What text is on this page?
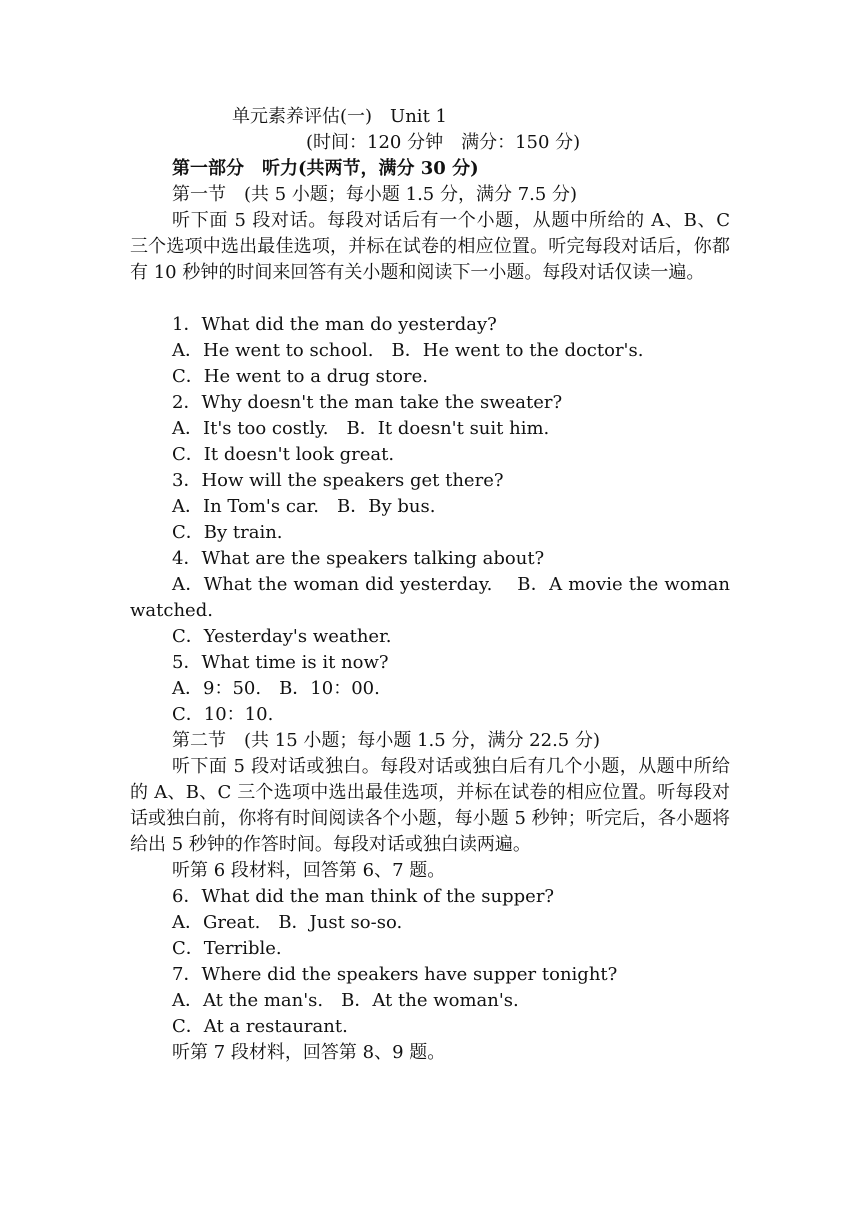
单元素养评估(一)　Unit 1
(时间：120 分钟　满分：150 分)
第一部分　听力(共两节，满分 30 分)
第一节　(共 5 小题；每小题 1.5 分，满分 7.5 分)
听下面 5 段对话。每段对话后有一个小题，从题中所给的 A、B、C 三个选项中选出最佳选项，并标在试卷的相应位置。听完每段对话后，你都有 10 秒钟的时间来回答有关小题和阅读下一小题。每段对话仅读一遍。
1．What did the man do yesterday?
A．He went to school. B．He went to the doctor's.
C．He went to a drug store.
2．Why doesn't the man take the sweater?
A．It's too costly. B．It doesn't suit him.
C．It doesn't look great.
3．How will the speakers get there?
A．In Tom's car. B．By bus.
C．By train.
4．What are the speakers talking about?
A．What the woman did yesterday.　 B．A movie the woman
watched.
C．Yesterday's weather.
5．What time is it now?
A．9：50. B．10：00.
C．10：10.
第二节　(共 15 小题；每小题 1.5 分，满分 22.5 分)
听下面 5 段对话或独白。每段对话或独白后有几个小题，从题中所给的 A、B、C 三个选项中选出最佳选项，并标在试卷的相应位置。听每段对话或独白前，你将有时间阅读各个小题，每小题 5 秒钟；听完后，各小题将给出 5 秒钟的作答时间。每段对话或独白读两遍。
听第 6 段材料，回答第 6、7 题。
6．What did the man think of the supper?
A．Great. B．Just so-so.
C．Terrible.
7．Where did the speakers have supper tonight?
A．At the man's. B．At the woman's.
C．At a restaurant.
听第 7 段材料，回答第 8、9 题。
